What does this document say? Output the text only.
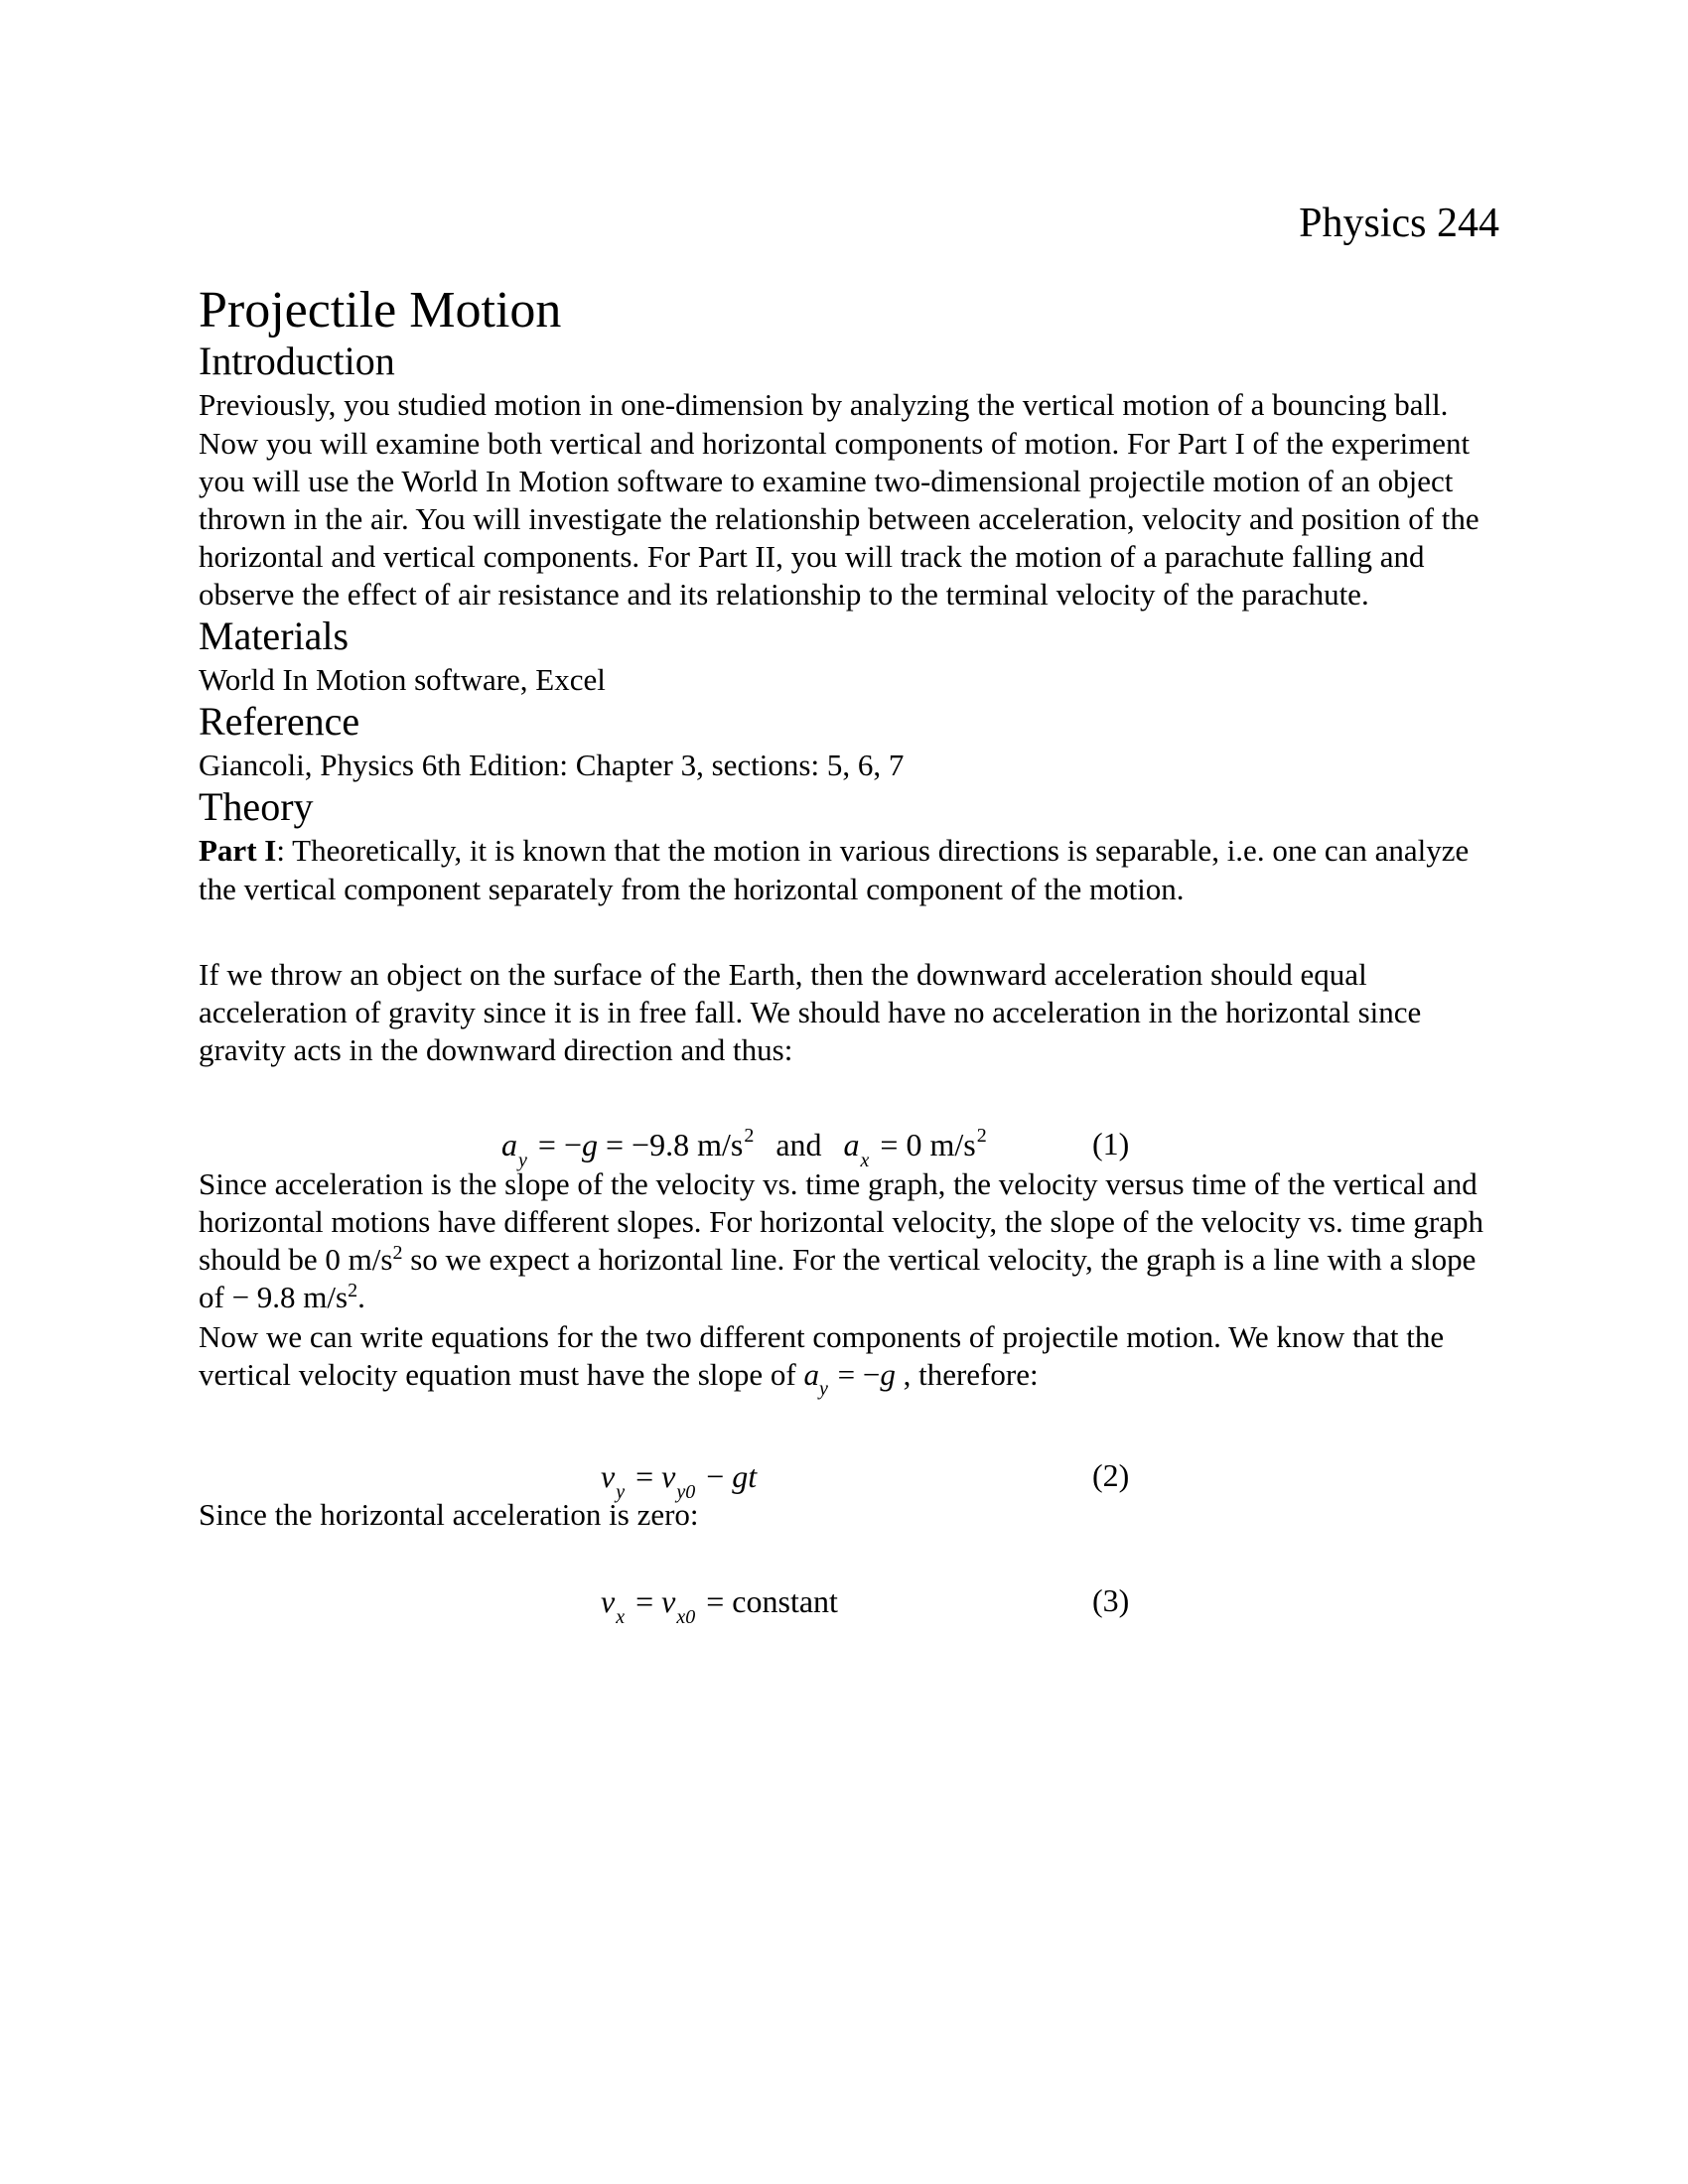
Physics 244
Projectile Motion
Introduction

Previously, you studied motion in one-dimension by analyzing the vertical motion of a bouncing ball. Now you will examine both vertical and horizontal components of motion. For Part I of the experiment you will use the World In Motion software to examine two-dimensional projectile motion of an object thrown in the air. You will investigate the relationship between acceleration, velocity and position of the horizontal and vertical components. For Part II, you will track the motion of a parachute falling and observe the effect of air resistance and its relationship to the terminal velocity of the parachute.

Materials

World In Motion software, Excel

Reference

Giancoli, Physics 6th Edition: Chapter 3, sections: 5, 6, 7

Theory

Part I: Theoretically, it is known that the motion in various directions is separable, i.e. one can analyze the vertical component separately from the horizontal component of the motion.

If we throw an object on the surface of the Earth, then the downward acceleration should equal acceleration of gravity since it is in free fall. We should have no acceleration in the horizontal since gravity acts in the downward direction and thus:

$a_y = -g = -9.8$ $m/s^2$ and $a_x = 0$ $m/s^2$	(1)

Since acceleration is the slope of the velocity vs. time graph, the velocity versus time of the vertical and horizontal motions have different slopes. For horizontal velocity, the slope of the velocity vs. time graph should be 0 $m/s^2$ so we expect a horizontal line. For the vertical velocity, the graph is a line with a slope of − 9.8 $m/s^2$.

Now we can write equations for the two different components of projectile motion. We know that the vertical velocity equation must have the slope of $a_y = -g$ , therefore:

$v_y = v_{y0}$ − gt	(2)

Since the horizontal acceleration is zero:

$v_x = v_{x0}$ = constant	(3)
